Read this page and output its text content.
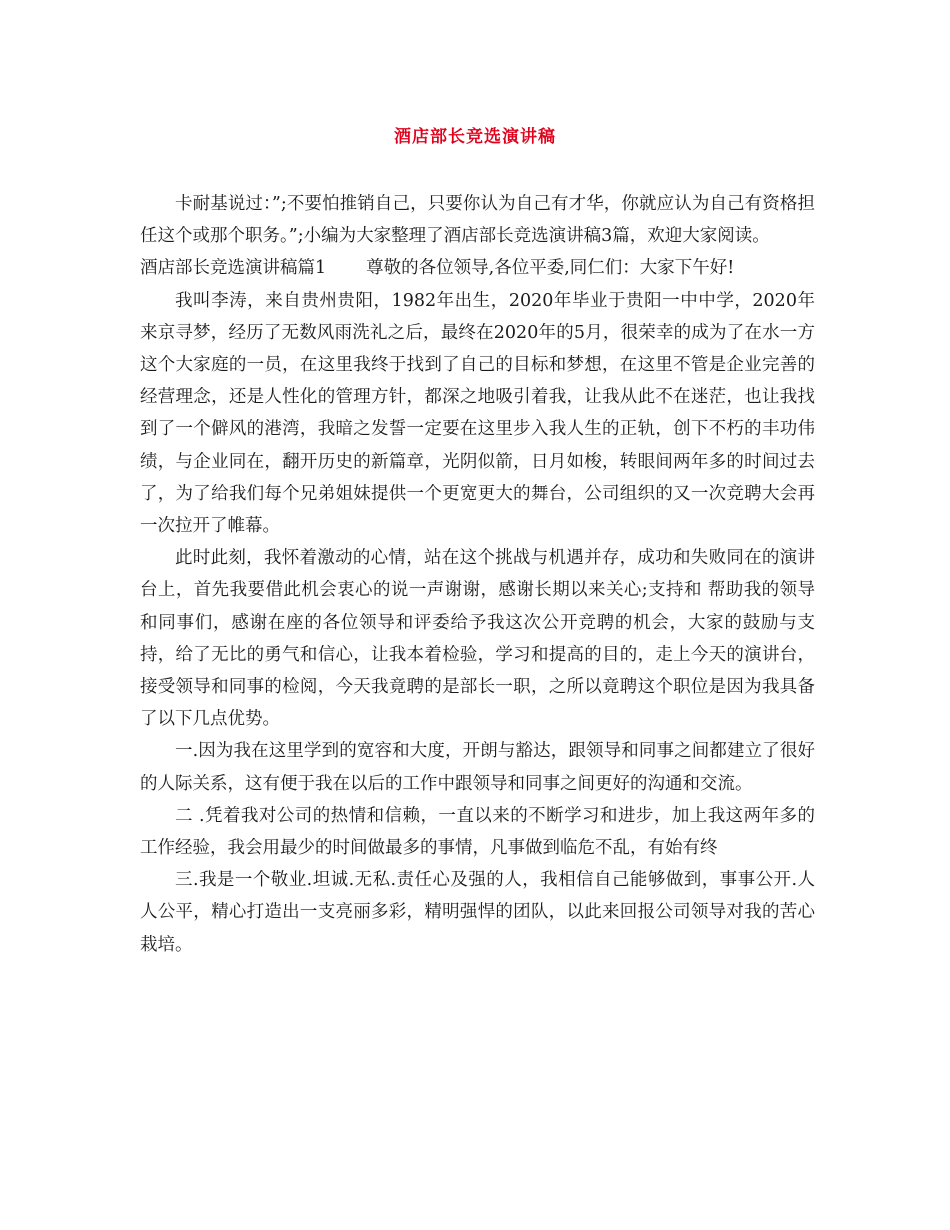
酒店部长竞选演讲稿

卡耐基说过：”;不要怕推销自己，只要你认为自己有才华，你就应认为自己有资格担任这个或那个职务。”;小编为大家整理了酒店部长竞选演讲稿3篇，欢迎大家阅读。

酒店部长竞选演讲稿篇1 尊敬的各位领导,各位平委,同仁们：大家下午好!

我叫李涛，来自贵州贵阳，1982年出生，2020年毕业于贵阳一中中学，2020年来京寻梦，经历了无数风雨洗礼之后，最终在2020年的5月，很荣幸的成为了在水一方这个大家庭的一员，在这里我终于找到了自己的目标和梦想，在这里不管是企业完善的经营理念，还是人性化的管理方针，都深之地吸引着我，让我从此不在迷茫，也让我找到了一个僻风的港湾，我暗之发誓一定要在这里步入我人生的正轨，创下不朽的丰功伟绩，与企业同在，翻开历史的新篇章，光阴似箭，日月如梭，转眼间两年多的时间过去了，为了给我们每个兄弟姐妹提供一个更宽更大的舞台，公司组织的又一次竞聘大会再一次拉开了帷幕。

此时此刻，我怀着激动的心情，站在这个挑战与机遇并存，成功和失败同在的演讲台上，首先我要借此机会衷心的说一声谢谢，感谢长期以来关心;支持和 帮助我的领导和同事们，感谢在座的各位领导和评委给予我这次公开竞聘的机会，大家的鼓励与支持，给了无比的勇气和信心，让我本着检验，学习和提高的目的，走上今天的演讲台，接受领导和同事的检阅，今天我竟聘的是部长一职，之所以竟聘这个职位是因为我具备了以下几点优势。

一.因为我在这里学到的宽容和大度，开朗与豁达，跟领导和同事之间都建立了很好的人际关系，这有便于我在以后的工作中跟领导和同事之间更好的沟通和交流。

二 .凭着我对公司的热情和信赖，一直以来的不断学习和进步，加上我这两年多的工作经验，我会用最少的时间做最多的事情，凡事做到临危不乱，有始有终

三.我是一个敬业.坦诚.无私.责任心及强的人，我相信自己能够做到，事事公开.人人公平，精心打造出一支亮丽多彩，精明强悍的团队，以此来回报公司领导对我的苦心栽培。
